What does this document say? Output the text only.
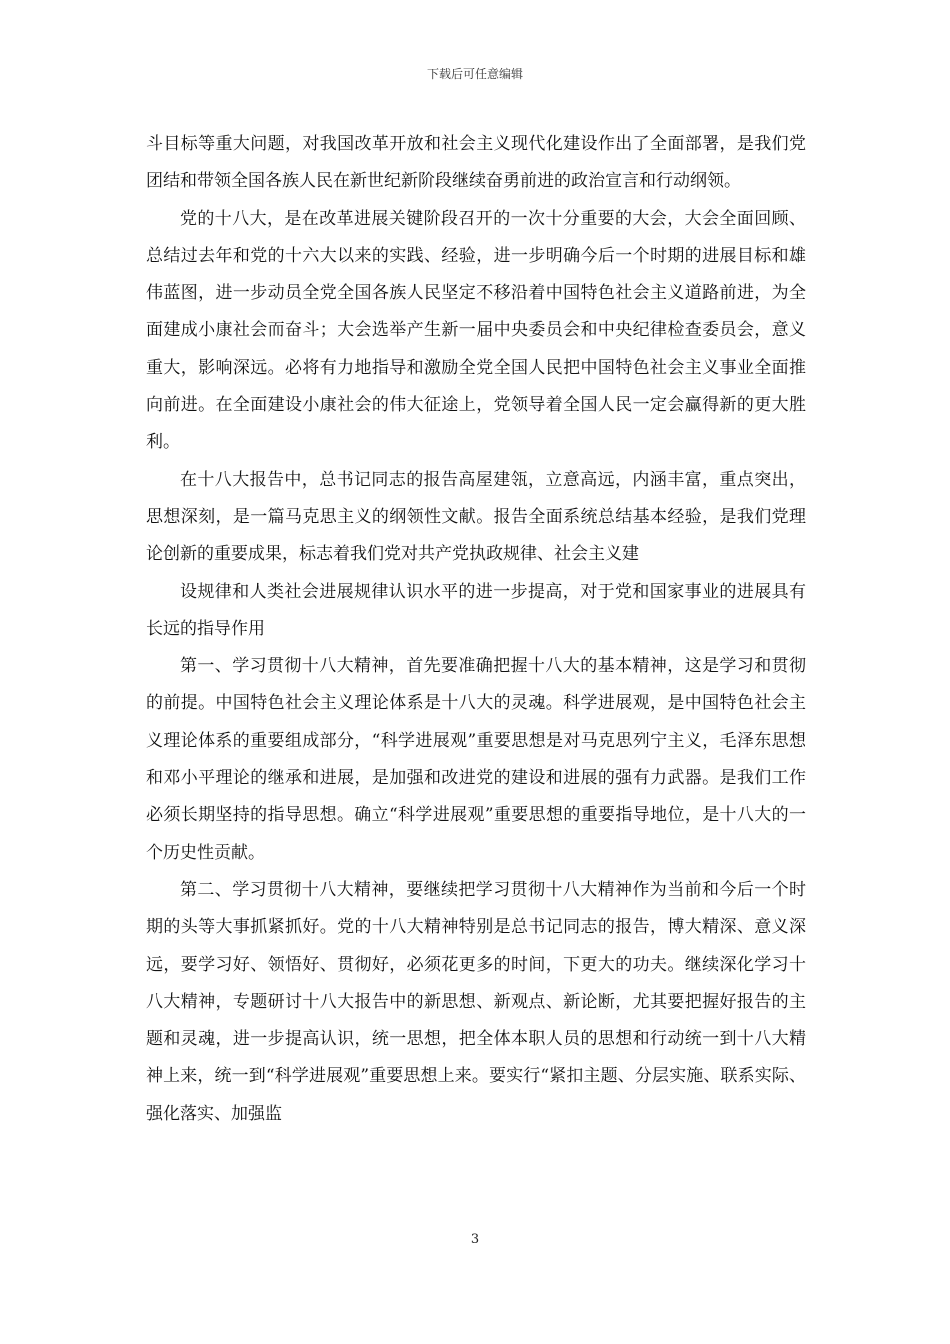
下载后可任意编辑

斗目标等重大问题，对我国改革开放和社会主义现代化建设作出了全面部署，是我们党团结和带领全国各族人民在新世纪新阶段继续奋勇前进的政治宣言和行动纲领。

党的十八大，是在改革进展关键阶段召开的一次十分重要的大会，大会全面回顾、总结过去年和党的十六大以来的实践、经验，进一步明确今后一个时期的进展目标和雄伟蓝图，进一步动员全党全国各族人民坚定不移沿着中国特色社会主义道路前进，为全面建成小康社会而奋斗；大会选举产生新一届中央委员会和中央纪律检查委员会，意义重大，影响深远。必将有力地指导和激励全党全国人民把中国特色社会主义事业全面推向前进。在全面建设小康社会的伟大征途上，党领导着全国人民一定会赢得新的更大胜利。

在十八大报告中，总书记同志的报告高屋建瓴，立意高远，内涵丰富，重点突出，思想深刻，是一篇马克思主义的纲领性文献。报告全面系统总结基本经验，是我们党理论创新的重要成果，标志着我们党对共产党执政规律、社会主义建

设规律和人类社会进展规律认识水平的进一步提高，对于党和国家事业的进展具有长远的指导作用

第一、学习贯彻十八大精神，首先要准确把握十八大的基本精神，这是学习和贯彻的前提。中国特色社会主义理论体系是十八大的灵魂。科学进展观，是中国特色社会主义理论体系的重要组成部分，“科学进展观”重要思想是对马克思列宁主义，毛泽东思想和邓小平理论的继承和进展，是加强和改进党的建设和进展的强有力武器。是我们工作必须长期坚持的指导思想。确立“科学进展观”重要思想的重要指导地位，是十八大的一个历史性贡献。

第二、学习贯彻十八大精神，要继续把学习贯彻十八大精神作为当前和今后一个时期的头等大事抓紧抓好。党的十八大精神特别是总书记同志的报告，博大精深、意义深远，要学习好、领悟好、贯彻好，必须花更多的时间，下更大的功夫。继续深化学习十八大精神，专题研讨十八大报告中的新思想、新观点、新论断，尤其要把握好报告的主题和灵魂，进一步提高认识，统一思想，把全体本职人员的思想和行动统一到十八大精神上来，统一到“科学进展观”重要思想上来。要实行“紧扣主题、分层实施、联系实际、强化落实、加强监

3
